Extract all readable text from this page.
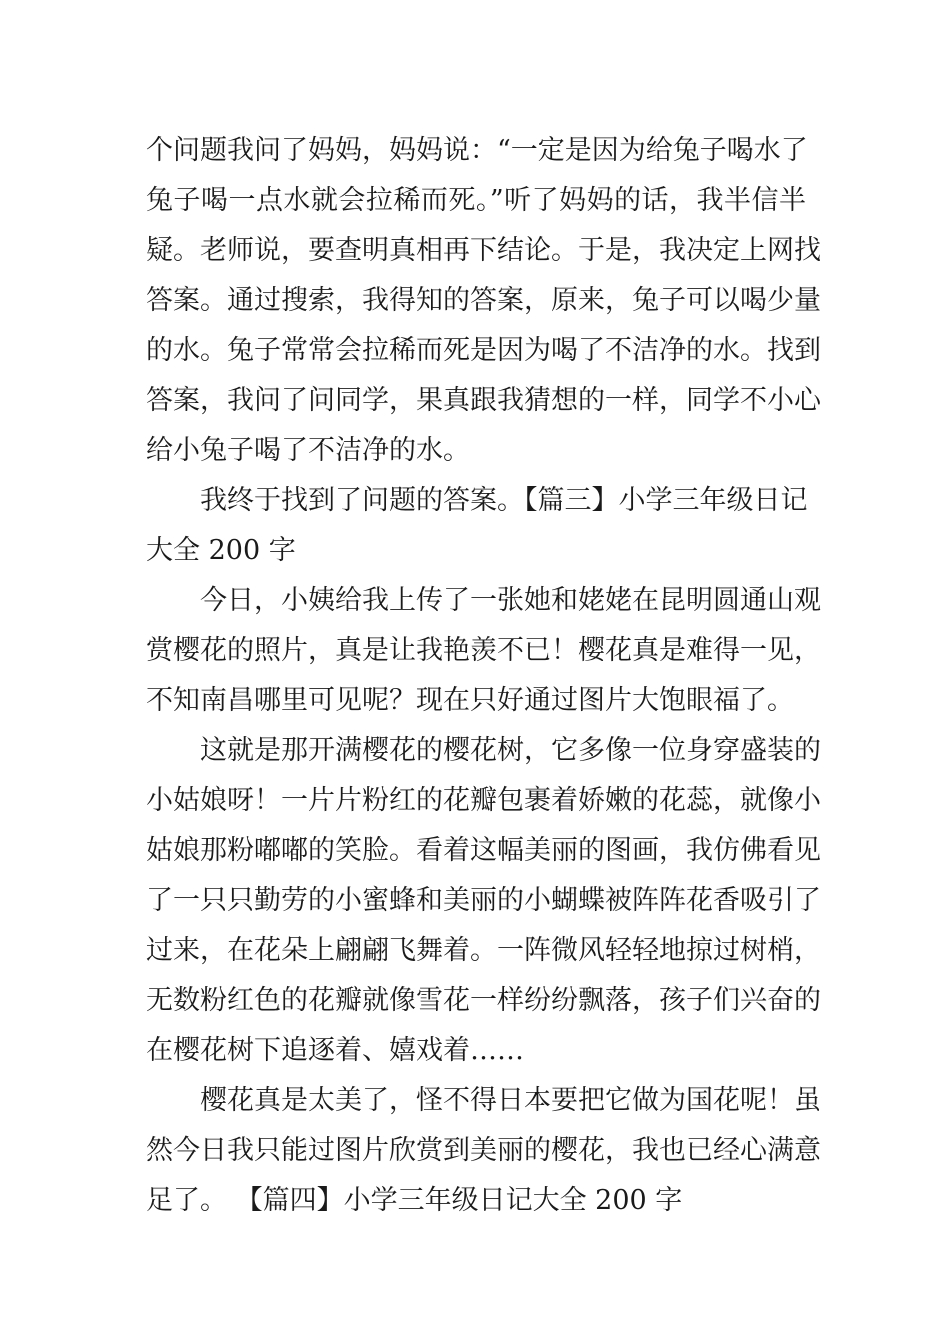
个问题我问了妈妈，妈妈说：“一定是因为给兔子喝水了
兔子喝一点水就会拉稀而死。”听了妈妈的话，我半信半
疑。老师说，要查明真相再下结论。于是，我决定上网找
答案。通过搜索，我得知的答案，原来，兔子可以喝少量
的水。兔子常常会拉稀而死是因为喝了不洁净的水。找到
答案，我问了问同学，果真跟我猜想的一样，同学不小心
给小兔子喝了不洁净的水。
我终于找到了问题的答案。【篇三】小学三年级日记
大全 200 字
今日，小姨给我上传了一张她和姥姥在昆明圆通山观
赏樱花的照片，真是让我艳羡不已！樱花真是难得一见，
不知南昌哪里可见呢？现在只好通过图片大饱眼福了。
这就是那开满樱花的樱花树，它多像一位身穿盛装的
小姑娘呀！一片片粉红的花瓣包裹着娇嫩的花蕊，就像小
姑娘那粉嘟嘟的笑脸。看着这幅美丽的图画，我仿佛看见
了一只只勤劳的小蜜蜂和美丽的小蝴蝶被阵阵花香吸引了
过来，在花朵上翩翩飞舞着。一阵微风轻轻地掠过树梢，
无数粉红色的花瓣就像雪花一样纷纷飘落，孩子们兴奋的
在樱花树下追逐着、嬉戏着……
樱花真是太美了，怪不得日本要把它做为国花呢！虽
然今日我只能过图片欣赏到美丽的樱花，我也已经心满意
足了。 【篇四】小学三年级日记大全 200 字
